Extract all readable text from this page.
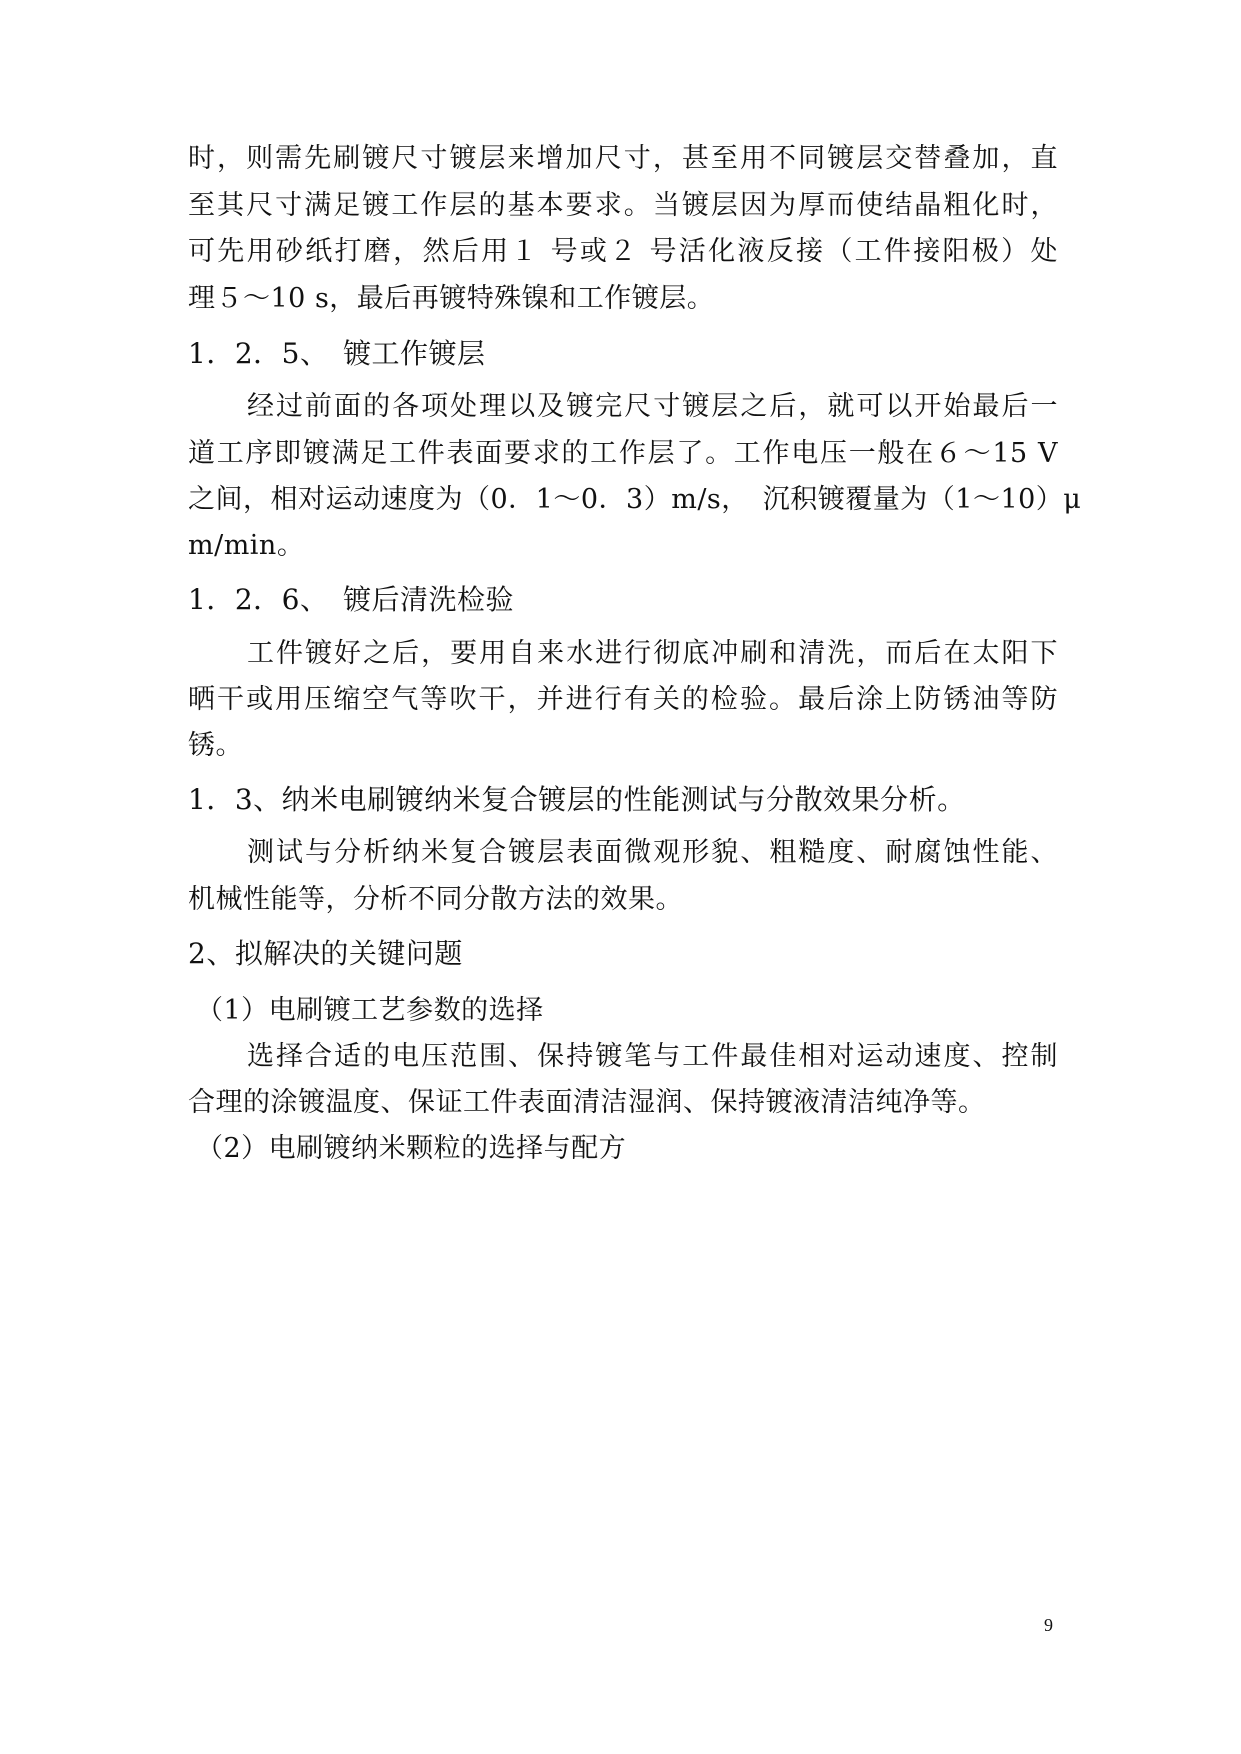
时，则需先刷镀尺寸镀层来增加尺寸，甚至用不同镀层交替叠加，直
至其尺寸满足镀工作层的基本要求。当镀层因为厚而使结晶粗化时，
可先用砂纸打磨，然后用１ 号或２ 号活化液反接（工件接阳极）处
理５～10 s，最后再镀特殊镍和工作镀层。
1．2．5、　镀工作镀层
经过前面的各项处理以及镀完尺寸镀层之后，就可以开始最后一
道工序即镀满足工件表面要求的工作层了。工作电压一般在６～15 V
之间，相对运动速度为（0．1～0．3）m/s，　沉积镀覆量为（1～10）μ
m/min。
1．2．6、　镀后清洗检验
工件镀好之后，要用自来水进行彻底冲刷和清洗，而后在太阳下
晒干或用压缩空气等吹干，并进行有关的检验。最后涂上防锈油等防
锈。
1．3、纳米电刷镀纳米复合镀层的性能测试与分散效果分析。
测试与分析纳米复合镀层表面微观形貌、粗糙度、耐腐蚀性能、
机械性能等，分析不同分散方法的效果。
2、拟解决的关键问题
（1）电刷镀工艺参数的选择
选择合适的电压范围、保持镀笔与工件最佳相对运动速度、控制
合理的涂镀温度、保证工件表面清洁湿润、保持镀液清洁纯净等。
（2）电刷镀纳米颗粒的选择与配方
9
